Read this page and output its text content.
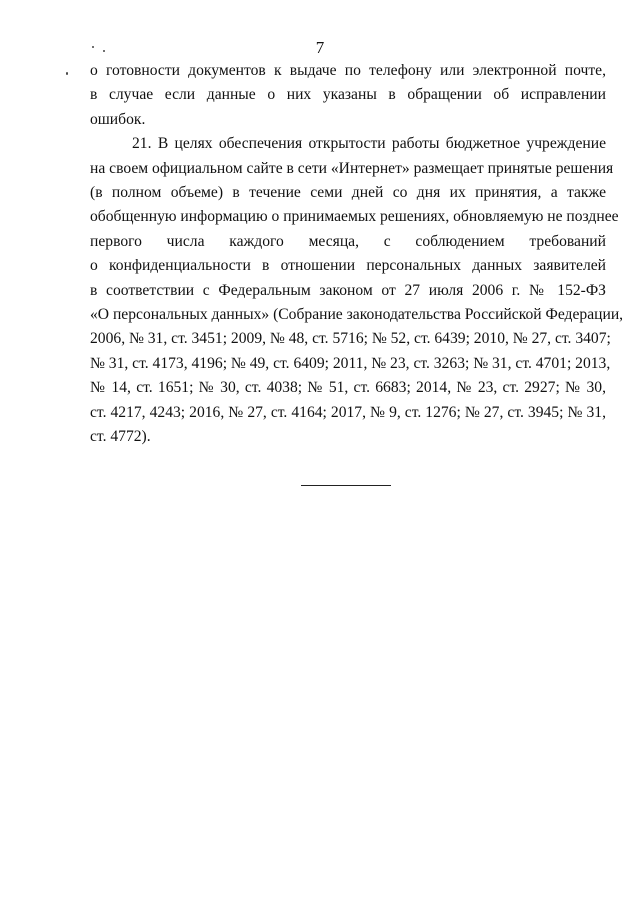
7

о готовности документов к выдаче по телефону или электронной почте,
в случае если данные о них указаны в обращении об исправлении
ошибок.

21. В целях обеспечения открытости работы бюджетное учреждение
на своем официальном сайте в сети «Интернет» размещает принятые решения
(в полном объеме) в течение семи дней со дня их принятия, а также
обобщенную информацию о принимаемых решениях, обновляемую не позднее
первого числа каждого месяца, с соблюдением требований
о конфиденциальности в отношении персональных данных заявителей
в соответствии с Федеральным законом от 27 июля 2006 г. № 152-ФЗ
«О персональных данных» (Собрание законодательства Российской Федерации,
2006, № 31, ст. 3451; 2009, № 48, ст. 5716; № 52, ст. 6439; 2010, № 27, ст. 3407;
№ 31, ст. 4173, 4196; № 49, ст. 6409; 2011, № 23, ст. 3263; № 31, ст. 4701; 2013,
№ 14, ст. 1651; № 30, ст. 4038; № 51, ст. 6683; 2014, № 23, ст. 2927; № 30,
ст. 4217, 4243; 2016, № 27, ст. 4164; 2017, № 9, ст. 1276; № 27, ст. 3945; № 31,
ст. 4772).
